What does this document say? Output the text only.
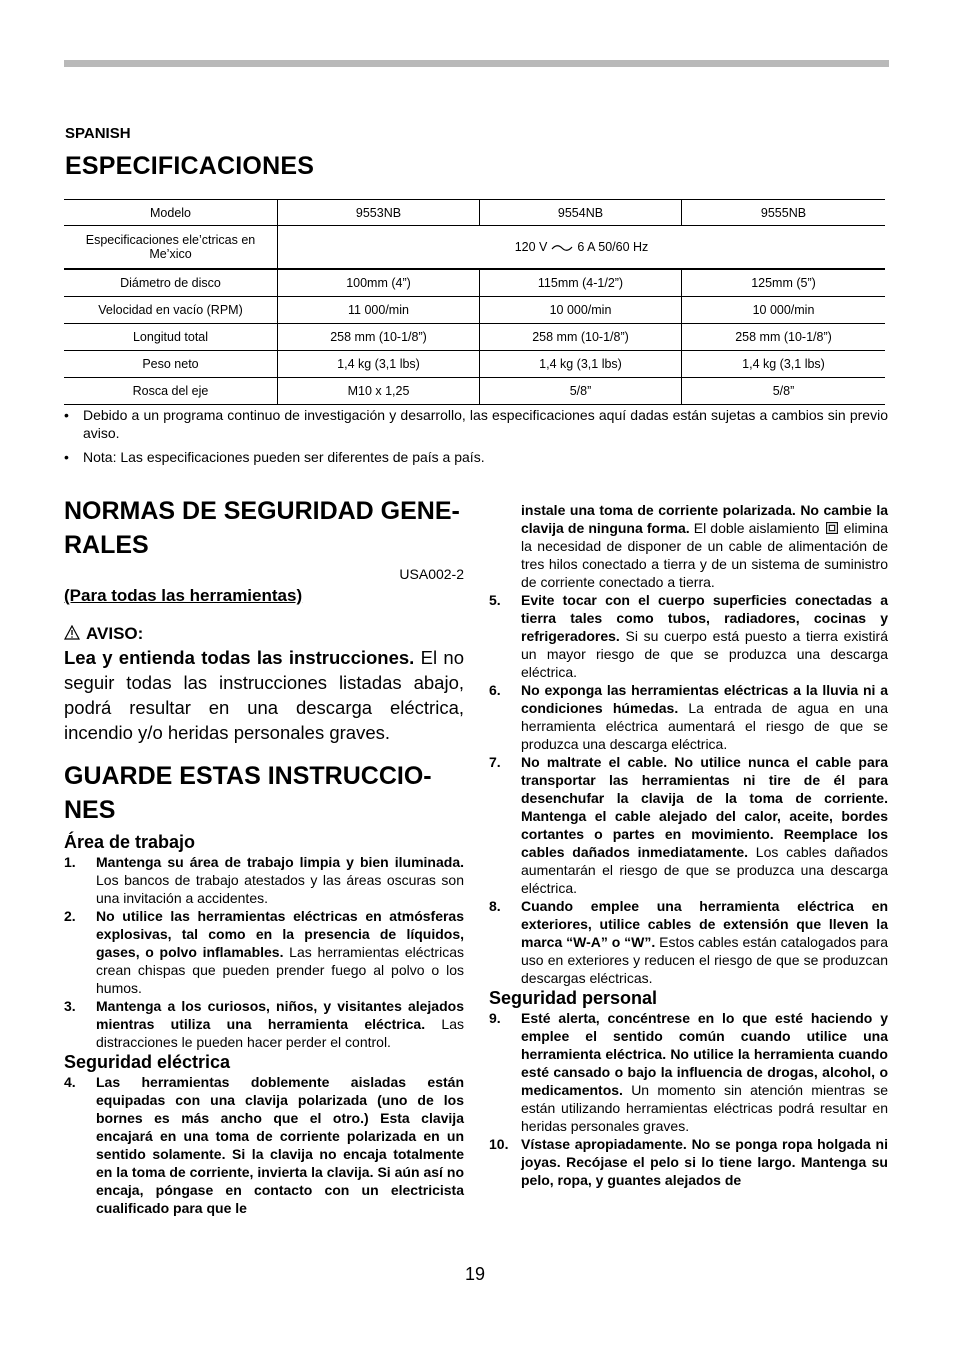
SPANISH
ESPECIFICACIONES
Modelo	9553NB	9554NB	9555NB
Especificaciones ele’ctricas en Me’xico	120 V 6 A 50/60 Hz		
Diámetro de disco	100mm (4”)	115mm (4-1/2”)	125mm (5”)
Velocidad en vacío (RPM)	11 000/min	10 000/min	10 000/min
Longitud total	258 mm (10-1/8”)	258 mm (10-1/8”)	258 mm (10-1/8”)
Peso neto	1,4 kg (3,1 lbs)	1,4 kg (3,1 lbs)	1,4 kg (3,1 lbs)
Rosca del eje	M10 x 1,25	5/8”	5/8”
• Debido a un programa continuo de investigación y desarrollo, las especificaciones aquí dadas están sujetas a cambios sin previo aviso.
• Nota: Las especificaciones pueden ser diferentes de país a país.
NORMAS DE SEGURIDAD GENE-
RALES
USA002-2
(Para todas las herramientas)
AVISO:
Lea y entienda todas las instrucciones. El no seguir todas las instrucciones listadas abajo, podrá resultar en una descarga eléctrica, incendio y/o heridas personales graves.
GUARDE ESTAS INSTRUCCIO-
NES
Área de trabajo
1. Mantenga su área de trabajo limpia y bien iluminada. Los bancos de trabajo atestados y las áreas oscuras son una invitación a accidentes.
2. No utilice las herramientas eléctricas en atmósferas explosivas, tal como en la presencia de líquidos, gases, o polvo inflamables. Las herramientas eléctricas crean chispas que pueden prender fuego al polvo o los humos.
3. Mantenga a los curiosos, niños, y visitantes alejados mientras utiliza una herramienta eléctrica. Las distracciones le pueden hacer perder el control.
Seguridad eléctrica
4. Las herramientas doblemente aisladas están equipadas con una clavija polarizada (uno de los bornes es más ancho que el otro.) Esta clavija encajará en una toma de corriente polarizada en un sentido solamente. Si la clavija no encaja totalmente en la toma de corriente, invierta la clavija. Si aún así no encaja, póngase en contacto con un electricista cualificado para que le
instale una toma de corriente polarizada. No cambie la clavija de ninguna forma. El doble aislamiento  elimina la necesidad de disponer de un cable de alimentación de tres hilos conectado a tierra y de un sistema de suministro de corriente conectado a tierra.
5. Evite tocar con el cuerpo superficies conectadas a tierra tales como tubos, radiadores, cocinas y refrigeradores. Si su cuerpo está puesto a tierra existirá un mayor riesgo de que se produzca una descarga eléctrica.
6. No exponga las herramientas eléctricas a la lluvia ni a condiciones húmedas. La entrada de agua en una herramienta eléctrica aumentará el riesgo de que se produzca una descarga eléctrica.
7. No maltrate el cable. No utilice nunca el cable para transportar las herramientas ni tire de él para desenchufar la clavija de la toma de corriente. Mantenga el cable alejado del calor, aceite, bordes cortantes o partes en movimiento. Reemplace los cables dañados inmediatamente. Los cables dañados aumentarán el riesgo de que se produzca una descarga eléctrica.
8. Cuando emplee una herramienta eléctrica en exteriores, utilice cables de extensión que lleven la marca “W-A” o “W”. Estos cables están catalogados para uso en exteriores y reducen el riesgo de que se produzcan descargas eléctricas.
Seguridad personal
9. Esté alerta, concéntrese en lo que esté haciendo y emplee el sentido común cuando utilice una herramienta eléctrica. No utilice la herramienta cuando esté cansado o bajo la influencia de drogas, alcohol, o medicamentos. Un momento sin atención mientras se están utilizando herramientas eléctricas podrá resultar en heridas personales graves.
10. Vístase apropiadamente. No se ponga ropa holgada ni joyas. Recójase el pelo si lo tiene largo. Mantenga su pelo, ropa, y guantes alejados de
19
